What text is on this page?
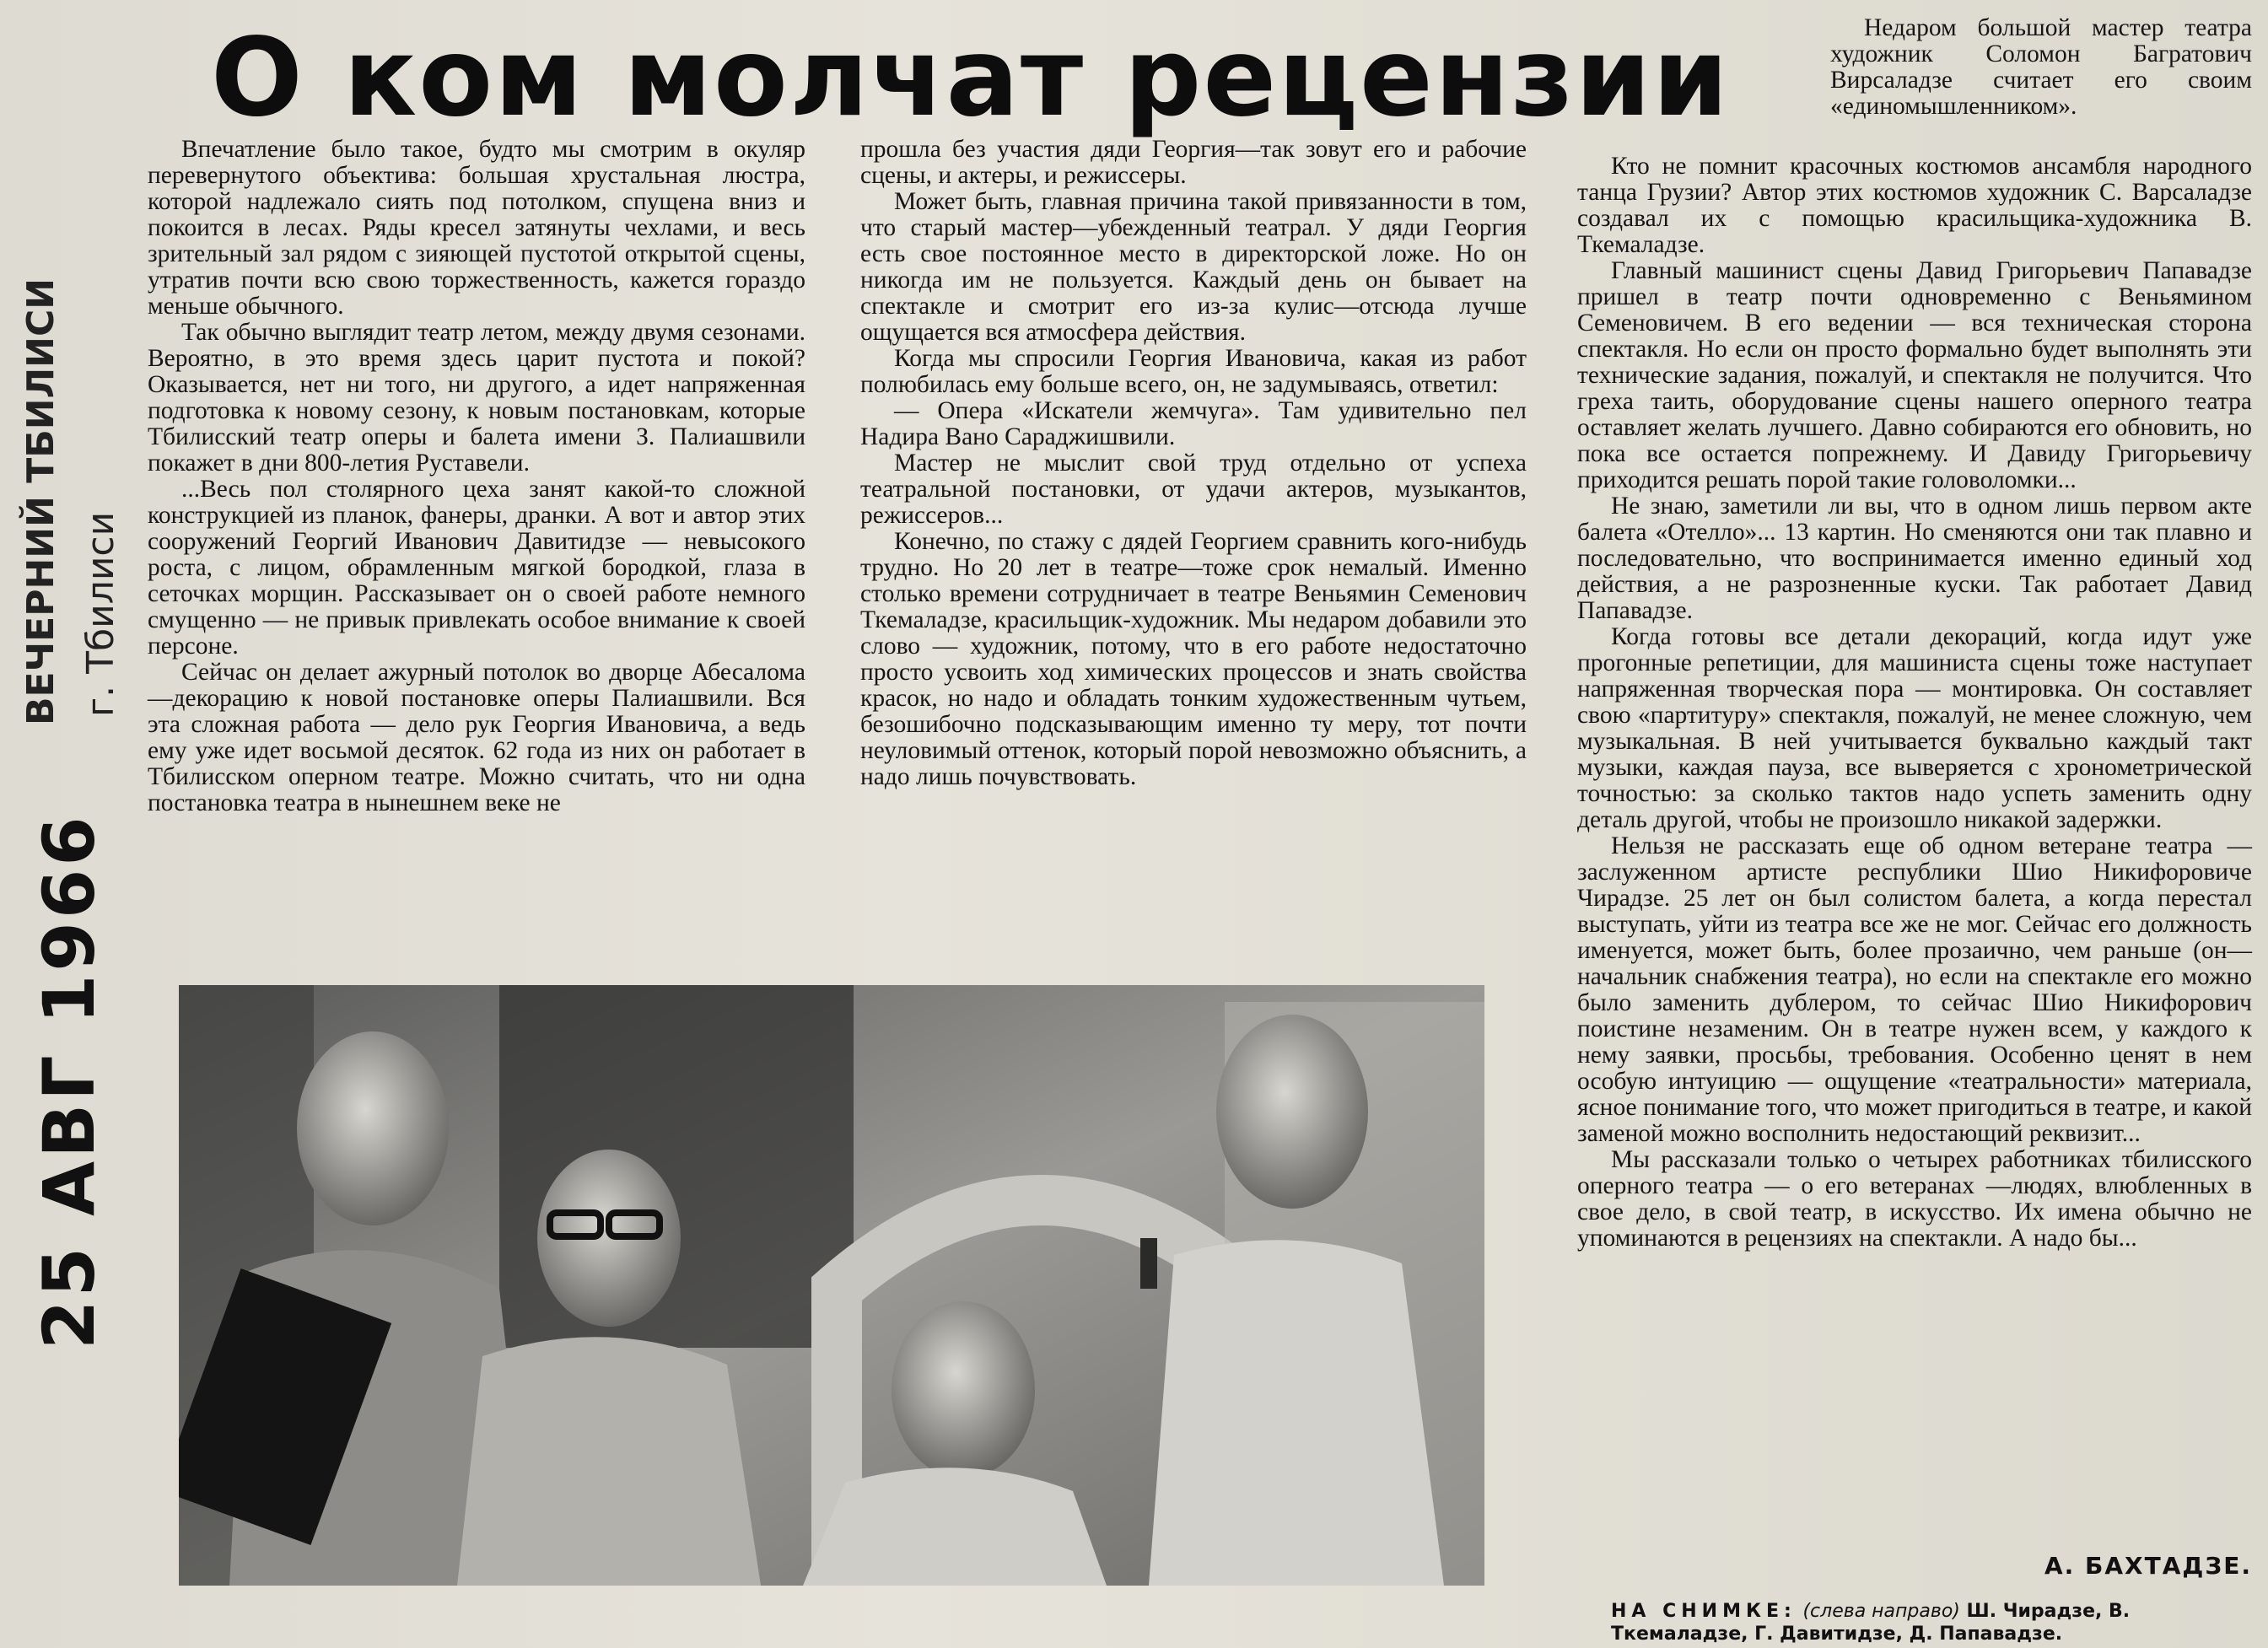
О ком молчат рецензии
ВЕЧЕРНИЙ ТБИЛИСИ г. Тбилиси
25 АВГ 1966

Впечатление было такое, будто мы смотрим в окуляр перевернутого объектива: большая хрустальная люстра, которой надлежало сиять под потолком, спущена вниз и покоится в лесах. Ряды кресел затянуты чехлами, и весь зрительный зал рядом с зияющей пустотой открытой сцены, утратив почти всю свою торжественность, кажется гораздо меньше обычного.

Так обычно выглядит театр летом, между двумя сезонами. Вероятно, в это время здесь царит пустота и покой? Оказывается, нет ни того, ни другого, а идет напряженная подготовка к новому сезону, к новым постановкам, которые Тбилисский театр оперы и балета имени З. Палиашвили покажет в дни 800-летия Руставели.

...Весь пол столярного цеха занят какой-то сложной конструкцией из планок, фанеры, дранки. А вот и автор этих сооружений Георгий Иванович Давитидзе — невысокого роста, с лицом, обрамленным мягкой бородкой, глаза в сеточках морщин. Рассказывает он о своей работе немного смущенно — не привык привлекать особое внимание к своей персоне.

Сейчас он делает ажурный потолок во дворце Абесалома—декорацию к новой постановке оперы Палиашвили. Вся эта сложная работа — дело рук Георгия Ивановича, а ведь ему уже идет восьмой десяток. 62 года из них он работает в Тбилисском оперном театре. Можно считать, что ни одна постановка театра в нынешнем веке не

прошла без участия дяди Георгия—так зовут его и рабочие сцены, и актеры, и режиссеры.

Может быть, главная причина такой привязанности в том, что старый мастер—убежденный театрал. У дяди Георгия есть свое постоянное место в директорской ложе. Но он никогда им не пользуется. Каждый день он бывает на спектакле и смотрит его из-за кулис—отсюда лучше ощущается вся атмосфера действия.

Когда мы спросили Георгия Ивановича, какая из работ полюбилась ему больше всего, он, не задумываясь, ответил:

— Опера «Искатели жемчуга». Там удивительно пел Надира Вано Сараджишвили.

Мастер не мыслит свой труд отдельно от успеха театральной постановки, от удачи актеров, музыкантов, режиссеров...

Конечно, по стажу с дядей Георгием сравнить кого-нибудь трудно. Но 20 лет в театре—тоже срок немалый. Именно столько времени сотрудничает в театре Веньямин Семенович Ткемаладзе, красильщик-художник. Мы недаром добавили это слово — художник, потому, что в его работе недостаточно просто усвоить ход химических процессов и знать свойства красок, но надо и обладать тонким художественным чутьем, безошибочно подсказывающим именно ту меру, тот почти неуловимый оттенок, который порой невозможно объяснить, а надо лишь почувствовать.

Недаром большой мастер театра художник Соломон Багратович Вирсаладзе считает его своим «единомышленником».

Кто не помнит красочных костюмов ансамбля народного танца Грузии? Автор этих костюмов художник С. Варсаладзе создавал их с помощью красильщика-художника В. Ткемаладзе.

Главный машинист сцены Давид Григорьевич Папавадзе пришел в театр почти одновременно с Веньямином Семеновичем. В его ведении — вся техническая сторона спектакля. Но если он просто формально будет выполнять эти технические задания, пожалуй, и спектакля не получится. Что греха таить, оборудование сцены нашего оперного театра оставляет желать лучшего. Давно собираются его обновить, но пока все остается попрежнему. И Давиду Григорьевичу приходится решать порой такие головоломки...

Не знаю, заметили ли вы, что в одном лишь первом акте балета «Отелло»... 13 картин. Но сменяются они так плавно и последовательно, что воспринимается именно единый ход действия, а не разрозненные куски. Так работает Давид Папавадзе.

Когда готовы все детали декораций, когда идут уже прогонные репетиции, для машиниста сцены тоже наступает напряженная творческая пора — монтировка. Он составляет свою «партитуру» спектакля, пожалуй, не менее сложную, чем музыкальная. В ней учитывается буквально каждый такт музыки, каждая пауза, все выверяется с хронометрической точностью: за сколько тактов надо успеть заменить одну деталь другой, чтобы не произошло никакой задержки.

Нельзя не рассказать еще об одном ветеране театра — заслуженном артисте республики Шио Никифоровиче Чирадзе. 25 лет он был солистом балета, а когда перестал выступать, уйти из театра все же не мог. Сейчас его должность именуется, может быть, более прозаично, чем раньше (он—начальник снабжения театра), но если на спектакле его можно было заменить дублером, то сейчас Шио Никифорович поистине незаменим. Он в театре нужен всем, у каждого к нему заявки, просьбы, требования. Особенно ценят в нем особую интуицию — ощущение «театральности» материала, ясное понимание того, что может пригодиться в театре, и какой заменой можно восполнить недостающий реквизит...

Мы рассказали только о четырех работниках тбилисского оперного театра — о его ветеранах —людях, влюбленных в свое дело, в свой театр, в искусство. Их имена обычно не упоминаются в рецензиях на спектакли. А надо бы...

А. БАХТАДЗЕ.
НА СНИМКЕ: (слева направо) Ш. Чирадзе, В. Ткемаладзе, Г. Давитидзе, Д. Папавадзе.
